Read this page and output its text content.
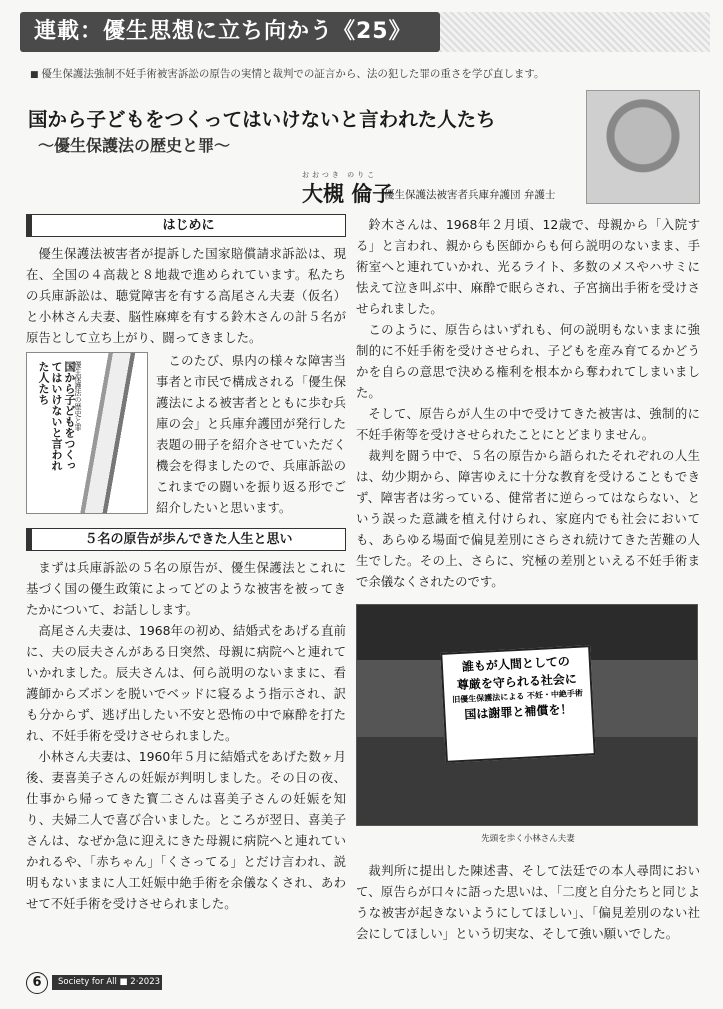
連載：優生思想に立ち向かう《25》
■ 優生保護法強制不妊手術被害訴訟の原告の実情と裁判での証言から、法の犯した罪の重さを学び直します。
国から子どもをつくってはいけないと言われた人たち
〜優生保護法の歴史と罪〜
おおつき のりこ
大槻 倫子
優生保護法被害者兵庫弁護団 弁護士
はじめに

優生保護法被害者が提訴した国家賠償請求訴訟は、現在、全国の４高裁と８地裁で進められています。私たちの兵庫訴訟は、聴覚障害を有する高尾さん夫妻（仮名）と小林さん夫妻、脳性麻痺を有する鈴木さんの計５名が原告として立ち上がり、闘ってきました。

国から子どもをつくってはいけないと言われた人たち	優生保護法の歴史と罪

このたび、県内の様々な障害当事者と市民で構成される「優生保護法による被害者とともに歩む兵庫の会」と兵庫弁護団が発行した表題の冊子を紹介させていただく機会を得ましたので、兵庫訴訟のこれまでの闘いを振り返る形でご紹介したいと思います。

５名の原告が歩んできた人生と思い

まずは兵庫訴訟の５名の原告が、優生保護法とこれに基づく国の優生政策によってどのような被害を被ってきたかについて、お話しします。

高尾さん夫妻は、1968年の初め、結婚式をあげる直前に、夫の辰夫さんがある日突然、母親に病院へと連れていかれました。辰夫さんは、何ら説明のないままに、看護師からズボンを脱いでベッドに寝るよう指示され、訳も分からず、逃げ出したい不安と恐怖の中で麻酔を打たれ、不妊手術を受けさせられました。

小林さん夫妻は、1960年５月に結婚式をあげた数ヶ月後、妻喜美子さんの妊娠が判明しました。その日の夜、仕事から帰ってきた寳二さんは喜美子さんの妊娠を知り、夫婦二人で喜び合いました。ところが翌日、喜美子さんは、なぜか急に迎えにきた母親に病院へと連れていかれるや、「赤ちゃん」「くさってる」とだけ言われ、説明もないままに人工妊娠中絶手術を余儀なくされ、あわせて不妊手術を受けさせられました。

鈴木さんは、1968年２月頃、12歳で、母親から「入院する」と言われ、親からも医師からも何ら説明のないまま、手術室へと連れていかれ、光るライト、多数のメスやハサミに怯えて泣き叫ぶ中、麻酔で眠らされ、子宮摘出手術を受けさせられました。

このように、原告らはいずれも、何の説明もないままに強制的に不妊手術を受けさせられ、子どもを産み育てるかどうかを自らの意思で決める権利を根本から奪われてしまいました。

そして、原告らが人生の中で受けてきた被害は、強制的に不妊手術等を受けさせられたことにとどまりません。

裁判を闘う中で、５名の原告から語られたそれぞれの人生は、幼少期から、障害ゆえに十分な教育を受けることもできず、障害者は劣っている、健常者に逆らってはならない、という誤った意識を植え付けられ、家庭内でも社会においても、あらゆる場面で偏見差別にさらされ続けてきた苦難の人生でした。その上、さらに、究極の差別といえる不妊手術まで余儀なくされたのです。

誰もが人間としての
尊厳を守られる社会に
旧優生保護法による 不妊・中絶手術
国は謝罪と補償を！
先頭を歩く小林さん夫妻

裁判所に提出した陳述書、そして法廷での本人尋問において、原告らが口々に語った思いは、「二度と自分たちと同じような被害が起きないようにしてほしい」、「偏見差別のない社会にしてほしい」という切実な、そして強い願いでした。

6	Society for All ■ 2·2023
